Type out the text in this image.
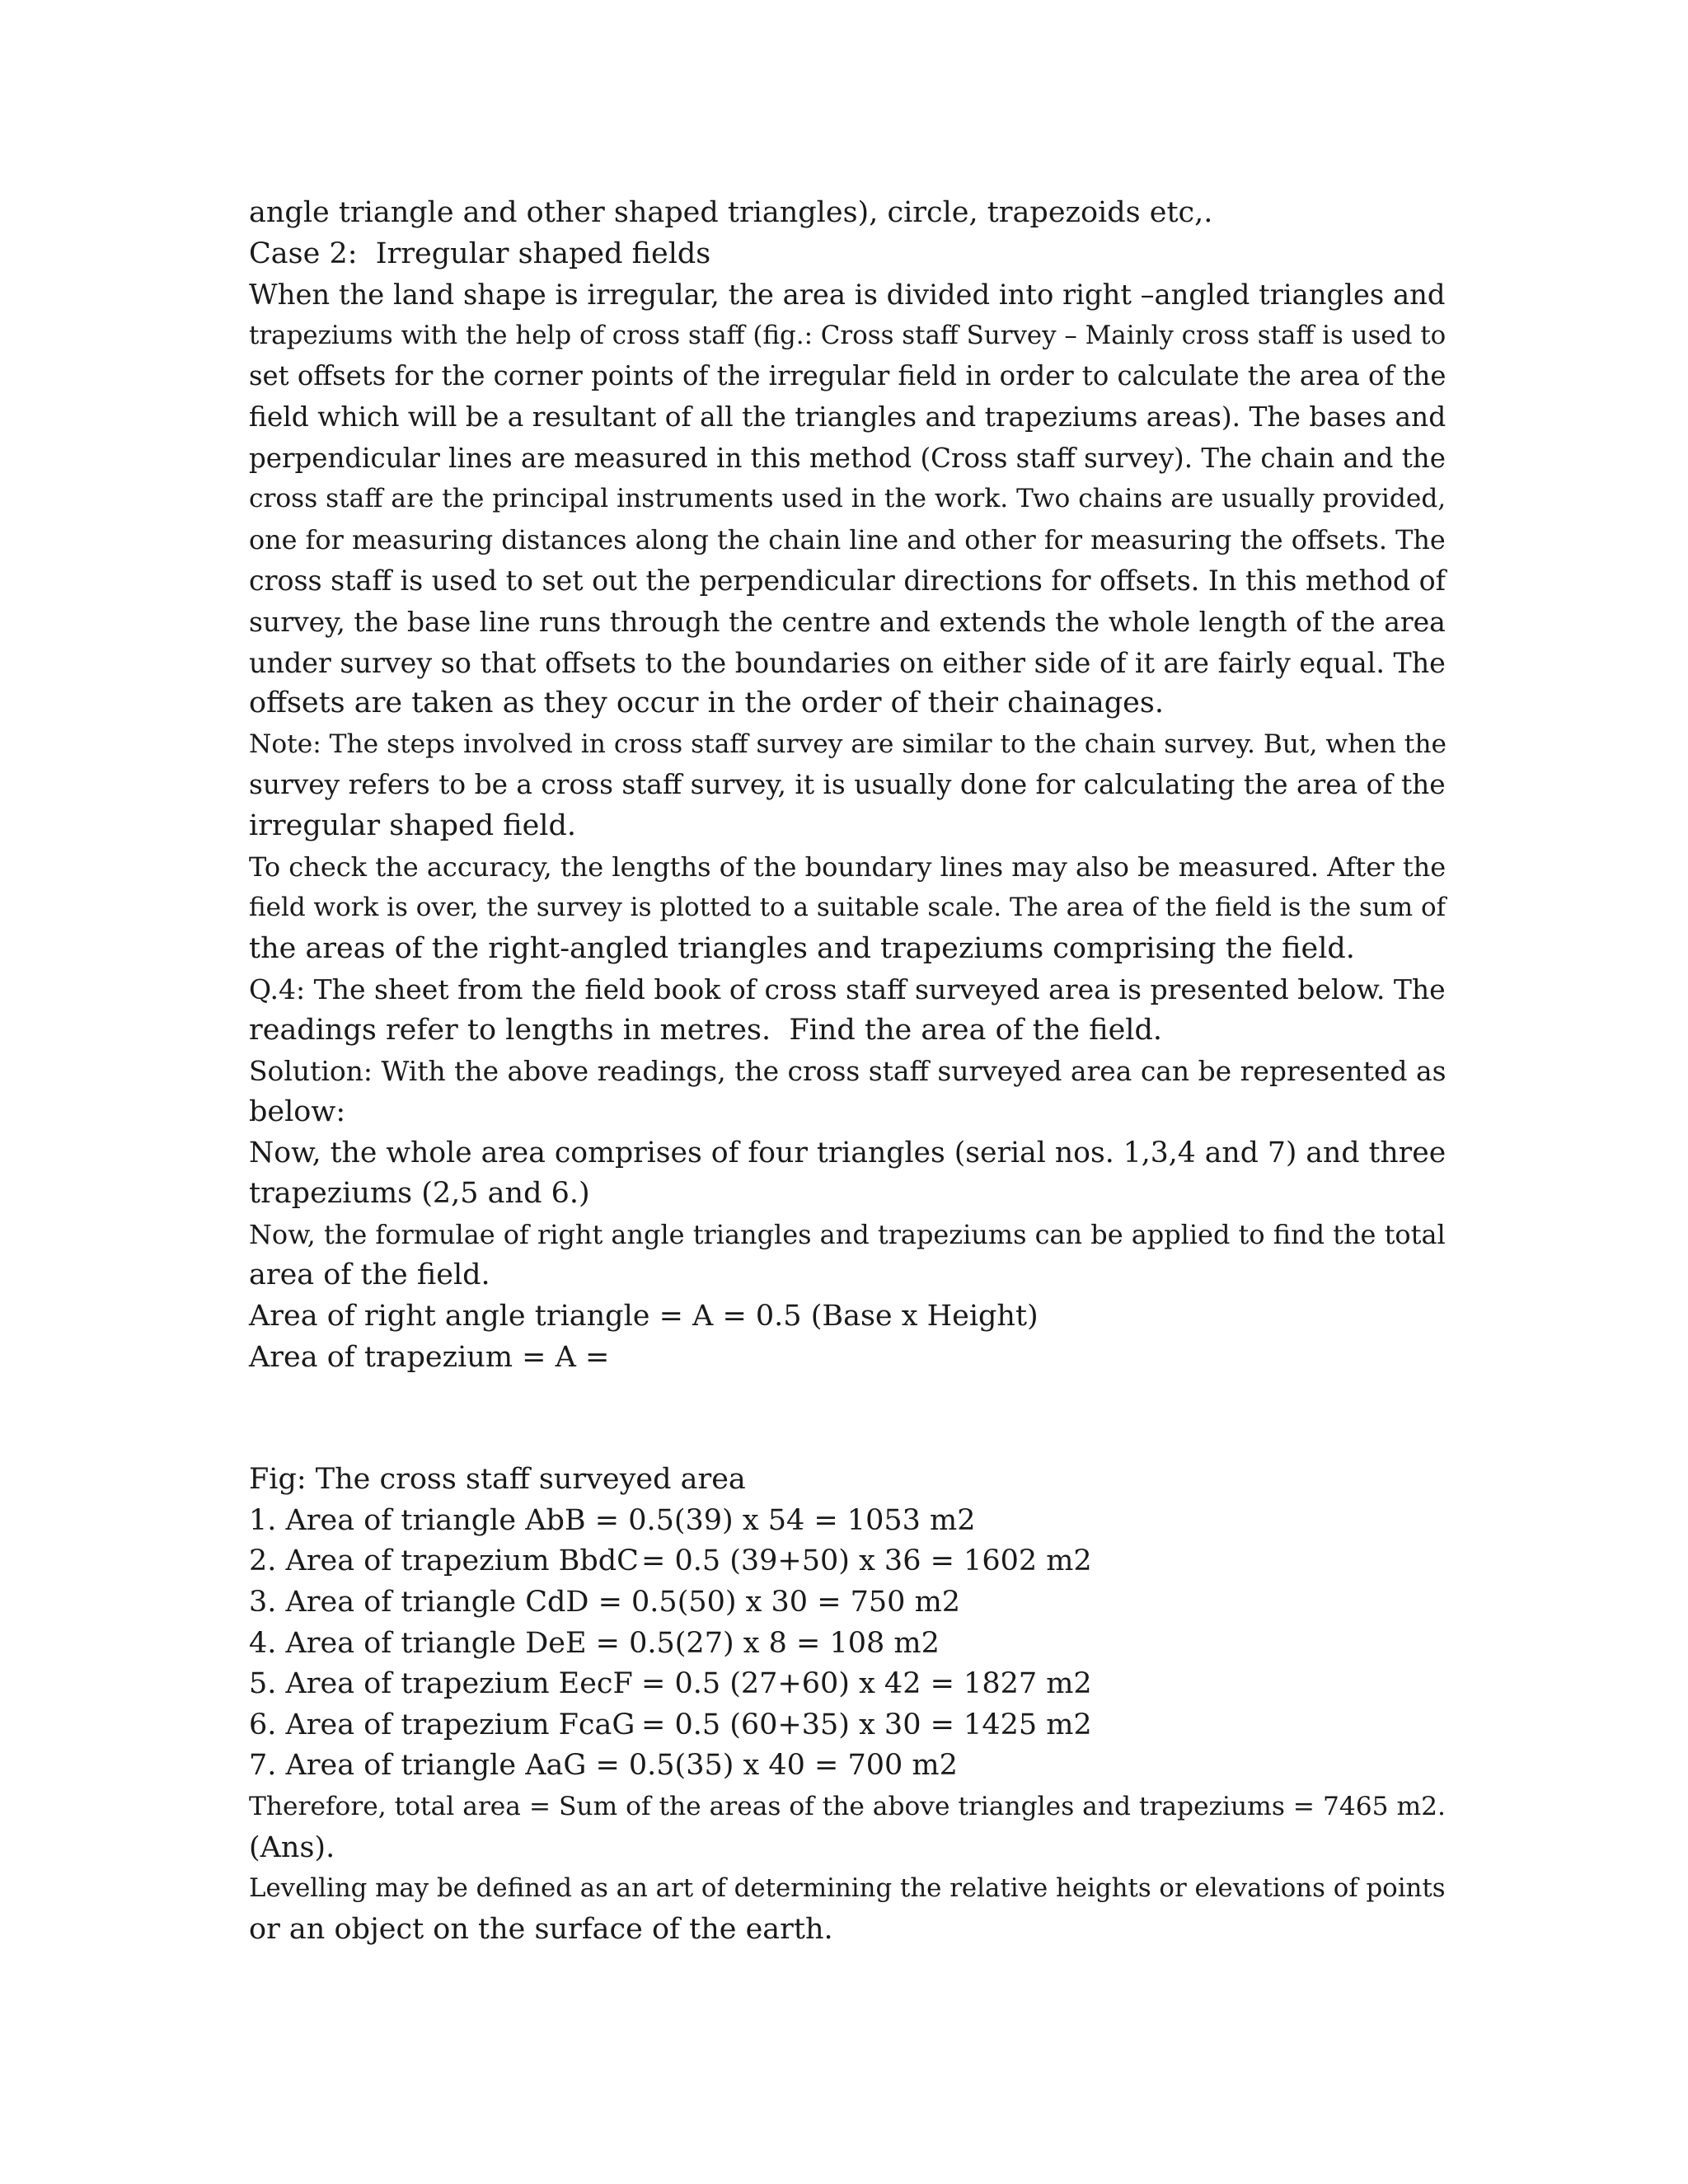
angle triangle and other shaped triangles), circle, trapezoids etc,.
Case 2:  Irregular shaped fields
When the land shape is irregular, the area is divided into right –angled triangles and
trapeziums with the help of cross staff (fig.: Cross staff Survey – Mainly cross staff is used to
set offsets for the corner points of the irregular field in order to calculate the area of the
field which will be a resultant of all the triangles and trapeziums areas). The bases and
perpendicular lines are measured in this method (Cross staff survey). The chain and the
cross staff are the principal instruments used in the work. Two chains are usually provided,
one for measuring distances along the chain line and other for measuring the offsets. The
cross staff is used to set out the perpendicular directions for offsets. In this method of
survey, the base line runs through the centre and extends the whole length of the area
under survey so that offsets to the boundaries on either side of it are fairly equal. The
offsets are taken as they occur in the order of their chainages.
Note: The steps involved in cross staff survey are similar to the chain survey. But, when the
survey refers to be a cross staff survey, it is usually done for calculating the area of the
irregular shaped field.
To check the accuracy, the lengths of the boundary lines may also be measured. After the
field work is over, the survey is plotted to a suitable scale. The area of the field is the sum of
the areas of the right-angled triangles and trapeziums comprising the field.
Q.4: The sheet from the field book of cross staff surveyed area is presented below. The
readings refer to lengths in metres.  Find the area of the field.
Solution: With the above readings, the cross staff surveyed area can be represented as
below:
Now, the whole area comprises of four triangles (serial nos. 1,3,4 and 7) and three
trapeziums (2,5 and 6.)
Now, the formulae of right angle triangles and trapeziums can be applied to find the total
area of the field.
Area of right angle triangle = A = 0.5 (Base x Height)
Area of trapezium = A =
Fig: The cross staff surveyed area
1. Area of triangle AbB = 0.5(39) x 54 = 1053 m2
2. Area of trapezium BbdC= 0.5 (39+50) x 36 = 1602 m2
3. Area of triangle CdD = 0.5(50) x 30 = 750 m2
4. Area of triangle DeE = 0.5(27) x 8 = 108 m2
5. Area of trapezium EecF = 0.5 (27+60) x 42 = 1827 m2
6. Area of trapezium FcaG = 0.5 (60+35) x 30 = 1425 m2
7. Area of triangle AaG = 0.5(35) x 40 = 700 m2
Therefore, total area = Sum of the areas of the above triangles and trapeziums = 7465 m2.
(Ans).
Levelling may be defined as an art of determining the relative heights or elevations of points
or an object on the surface of the earth.
